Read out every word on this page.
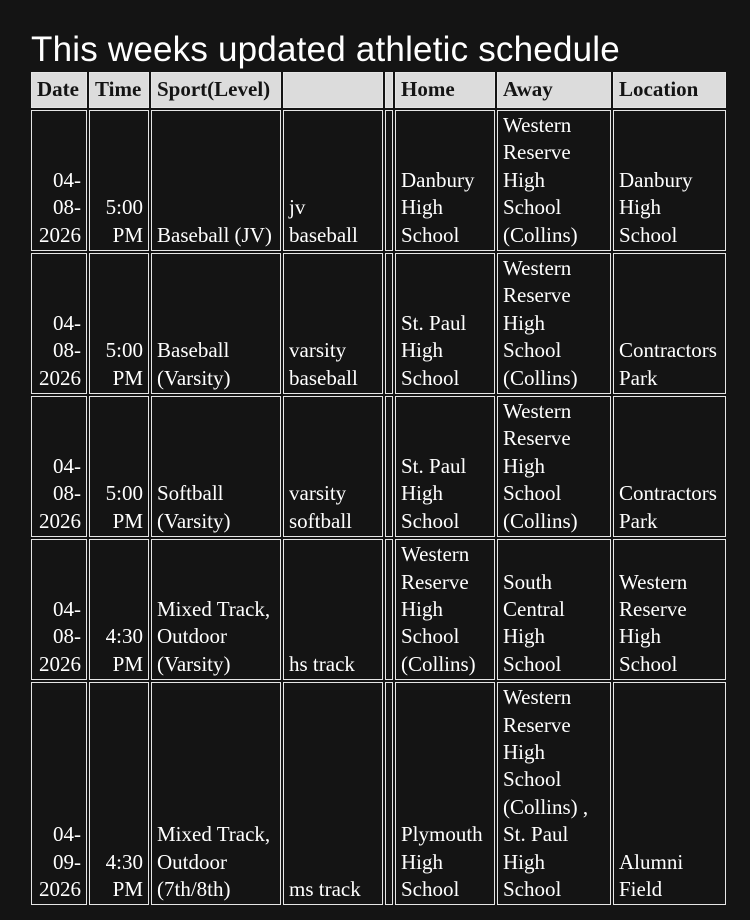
This weeks updated athletic schedule
Date	Time	Sport(Level)			Home	Away	Location
04-08-2026	5:00 PM	Baseball (JV)	jv baseball		Danbury High School	Western Reserve High School (Collins)	Danbury High School
04-08-2026	5:00 PM	Baseball (Varsity)	varsity baseball		St. Paul High School	Western Reserve High School (Collins)	Contractors Park
04-08-2026	5:00 PM	Softball (Varsity)	varsity softball		St. Paul High School	Western Reserve High School (Collins)	Contractors Park
04-08-2026	4:30 PM	Mixed Track, Outdoor (Varsity)	hs track		Western Reserve High School (Collins)	South Central High School	Western Reserve High School
04-09-2026	4:30 PM	Mixed Track, Outdoor (7th/8th)	ms track		Plymouth High School	Western Reserve High School (Collins) , St. Paul High School	Alumni Field
